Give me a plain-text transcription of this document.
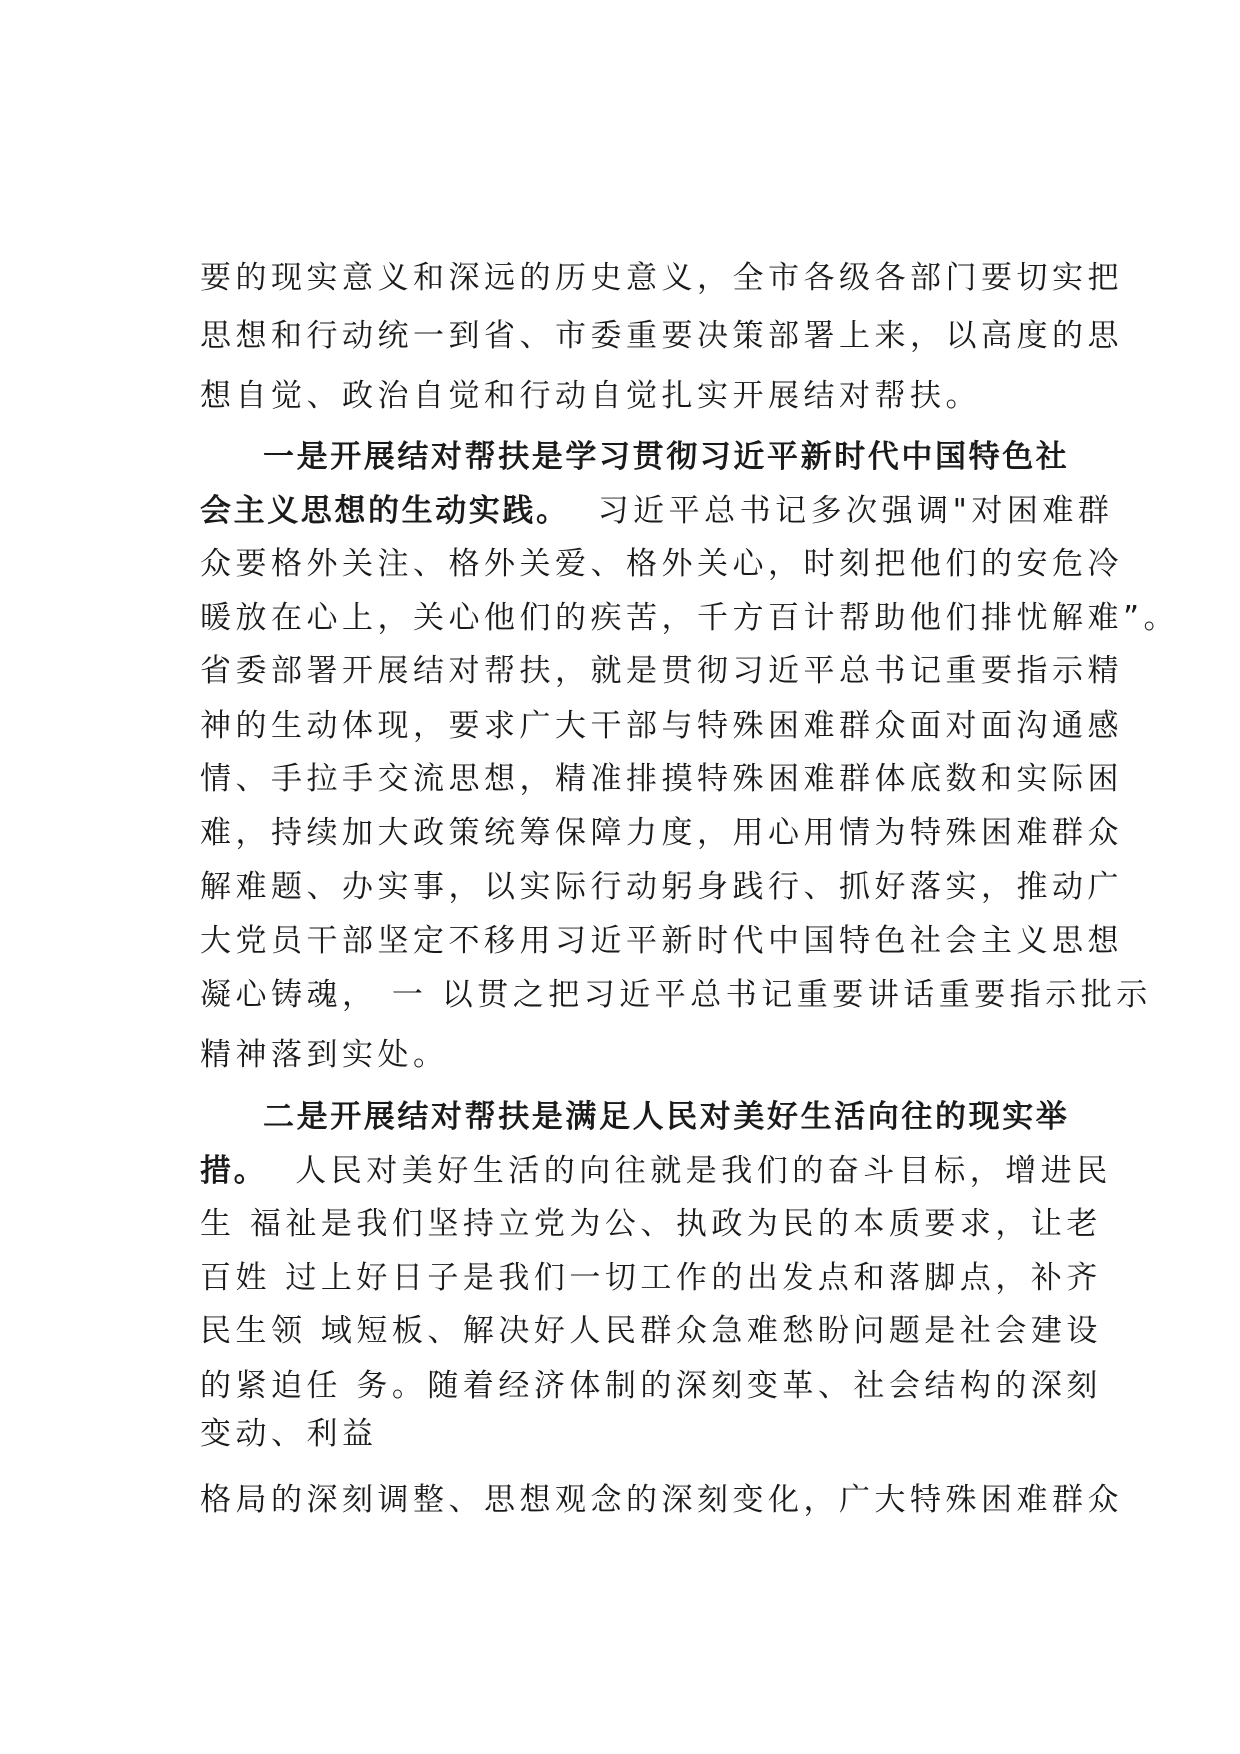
要的现实意义和深远的历史意义，全市各级各部门要切实把
思想和行动统一到省、市委重要决策部署上来，以高度的思
想自觉、政治自觉和行动自觉扎实开展结对帮扶。
一是开展结对帮扶是学习贯彻习近平新时代中国特色社
会主义思想的生动实践。 习近平总书记多次强调"对困难群
众要格外关注、格外关爱、格外关心，时刻把他们的安危冷
暖放在心上，关心他们的疾苦，千方百计帮助他们排忧解难”。
省委部署开展结对帮扶，就是贯彻习近平总书记重要指示精
神的生动体现，要求广大干部与特殊困难群众面对面沟通感
情、手拉手交流思想，精准排摸特殊困难群体底数和实际困
难，持续加大政策统筹保障力度，用心用情为特殊困难群众
解难题、办实事，以实际行动躬身践行、抓好落实，推动广
大党员干部坚定不移用习近平新时代中国特色社会主义思想
凝心铸魂， 一 以贯之把习近平总书记重要讲话重要指示批示
精神落到实处。
二是开展结对帮扶是满足人民对美好生活向往的现实举
措。 人民对美好生活的向往就是我们的奋斗目标，增进民
生 福祉是我们坚持立党为公、执政为民的本质要求，让老
百姓 过上好日子是我们一切工作的出发点和落脚点，补齐
民生领 域短板、解决好人民群众急难愁盼问题是社会建设
的紧迫任 务。随着经济体制的深刻变革、社会结构的深刻
变动、利益
格局的深刻调整、思想观念的深刻变化，广大特殊困难群众
